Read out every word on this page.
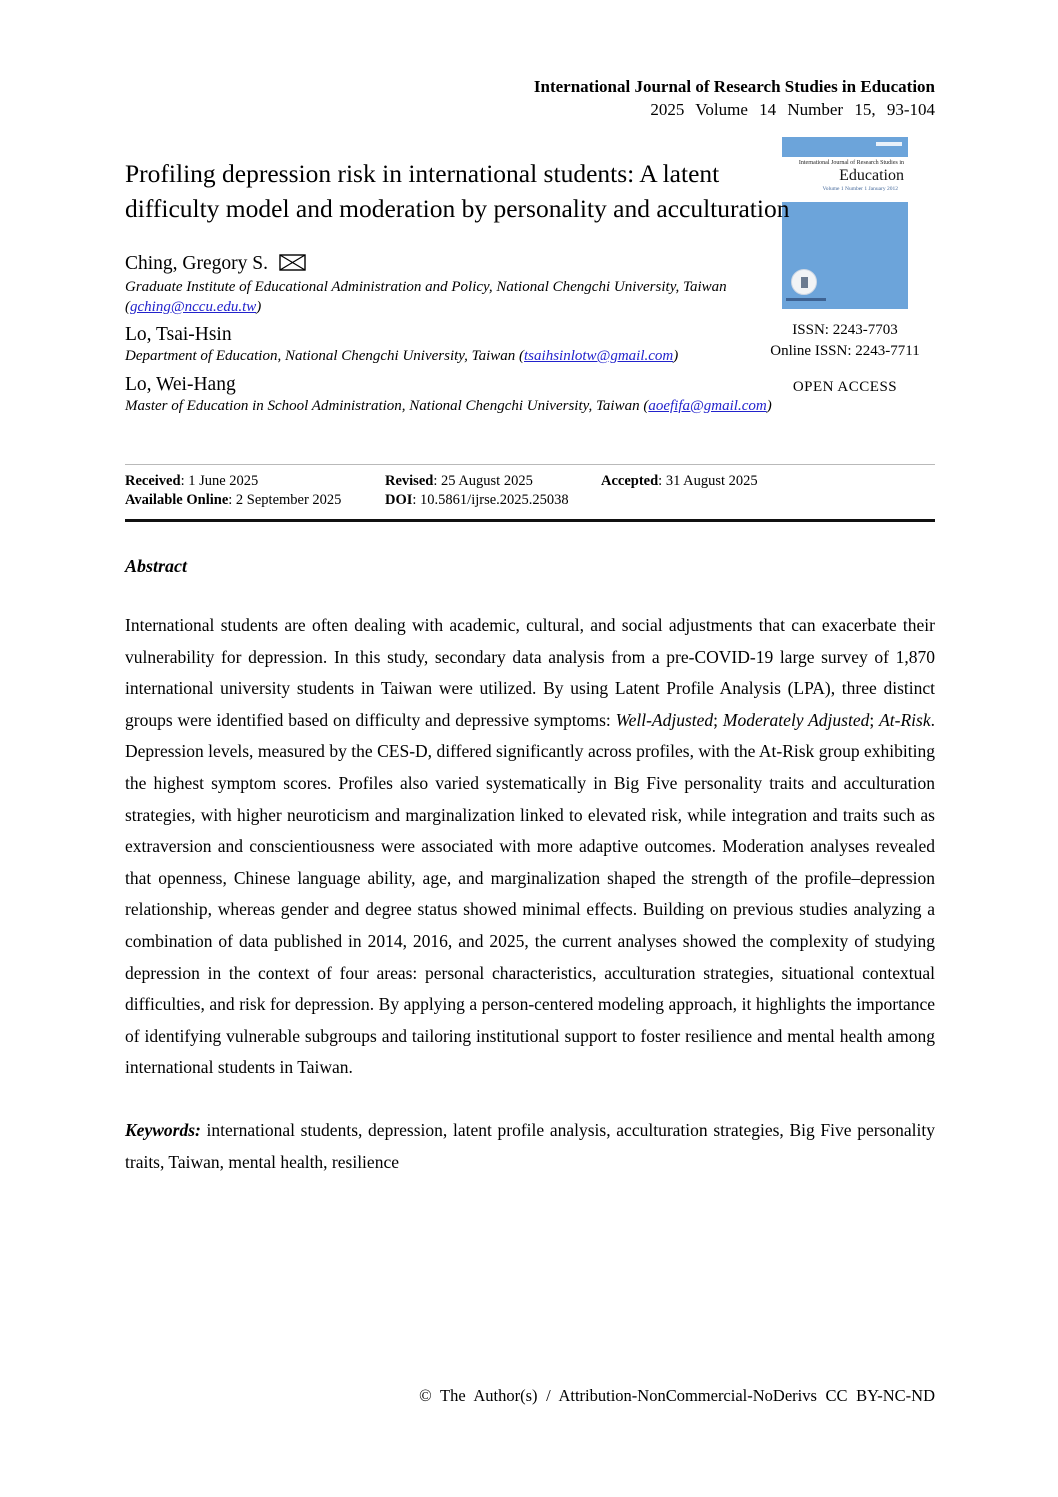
International Journal of Research Studies in Education
2025 Volume 14 Number 15, 93-104
International Journal of Research Studies in
Education
Volume 1 Number 1 January 2012
ISSN: 2243-7703
Online ISSN: 2243-7711
OPEN ACCESS
Profiling depression risk in international students: A latent difficulty model and moderation by personality and acculturation
Ching, Gregory S.
Graduate Institute of Educational Administration and Policy, National Chengchi University, Taiwan
(gching@nccu.edu.tw)
Lo, Tsai-Hsin
Department of Education, National Chengchi University, Taiwan (tsaihsinlotw@gmail.com)
Lo, Wei-Hang
Master of Education in School Administration, National Chengchi University, Taiwan (aoefifa@gmail.com)
Received: 1 June 2025	Revised: 25 August 2025	Accepted: 31 August 2025
Available Online: 2 September 2025	DOI: 10.5861/ijrse.2025.25038
Abstract

International students are often dealing with academic, cultural, and social adjustments that can exacerbate their vulnerability for depression. In this study, secondary data analysis from a pre-COVID-19 large survey of 1,870 international university students in Taiwan were utilized. By using Latent Profile Analysis (LPA), three distinct groups were identified based on difficulty and depressive symptoms: Well-Adjusted; Moderately Adjusted; At-Risk. Depression levels, measured by the CES-D, differed significantly across profiles, with the At-Risk group exhibiting the highest symptom scores. Profiles also varied systematically in Big Five personality traits and acculturation strategies, with higher neuroticism and marginalization linked to elevated risk, while integration and traits such as extraversion and conscientiousness were associated with more adaptive outcomes. Moderation analyses revealed that openness, Chinese language ability, age, and marginalization shaped the strength of the profile–depression relationship, whereas gender and degree status showed minimal effects. Building on previous studies analyzing a combination of data published in 2014, 2016, and 2025, the current analyses showed the complexity of studying depression in the context of four areas: personal characteristics, acculturation strategies, situational contextual difficulties, and risk for depression. By applying a person-centered modeling approach, it highlights the importance of identifying vulnerable subgroups and tailoring institutional support to foster resilience and mental health among international students in Taiwan.

Keywords: international students, depression, latent profile analysis, acculturation strategies, Big Five personality traits, Taiwan, mental health, resilience

© The Author(s) / Attribution-NonCommercial-NoDerivs CC BY-NC-ND
